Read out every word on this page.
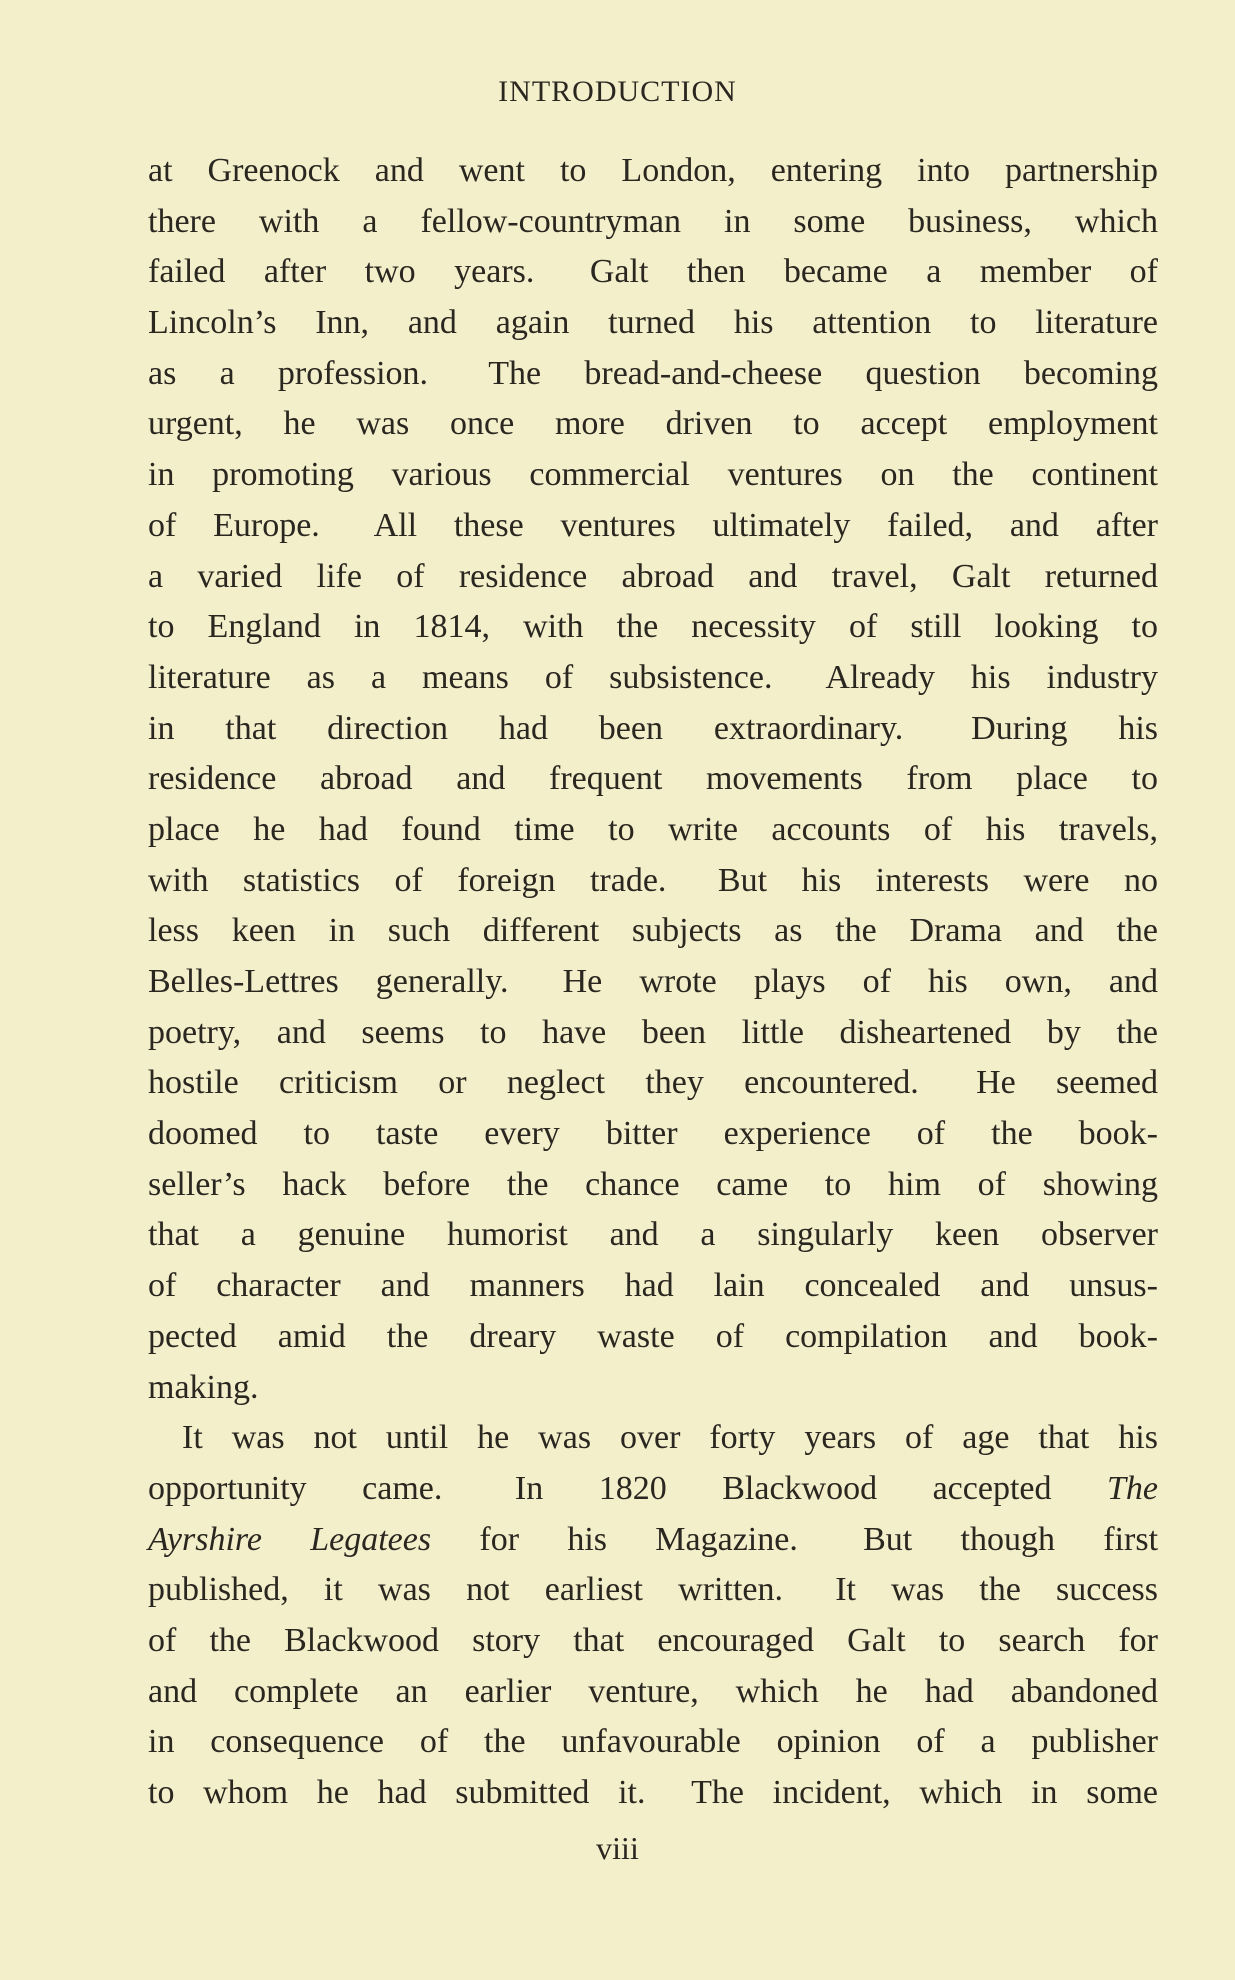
INTRODUCTION
at Greenock and went to London, entering into partnership
there with a fellow-countryman in some business, which
failed after two years.  Galt then became a member of
Lincoln’s Inn, and again turned his attention to literature
as a profession.  The bread-and-cheese question becoming
urgent, he was once more driven to accept employment
in promoting various commercial ventures on the continent
of Europe.  All these ventures ultimately failed, and after
a varied life of residence abroad and travel, Galt returned
to England in 1814, with the necessity of still looking to
literature as a means of subsistence.  Already his industry
in that direction had been extraordinary.  During his
residence abroad and frequent movements from place to
place he had found time to write accounts of his travels,
with statistics of foreign trade.  But his interests were no
less keen in such different subjects as the Drama and the
Belles-Lettres generally.  He wrote plays of his own, and
poetry, and seems to have been little disheartened by the
hostile criticism or neglect they encountered.  He seemed
doomed to taste every bitter experience of the book-
seller’s hack before the chance came to him of showing
that a genuine humorist and a singularly keen observer
of character and manners had lain concealed and unsus-
pected amid the dreary waste of compilation and book-
making.
It was not until he was over forty years of age that his
opportunity came.  In 1820 Blackwood accepted The
Ayrshire Legatees for his Magazine.  But though first
published, it was not earliest written.  It was the success
of the Blackwood story that encouraged Galt to search for
and complete an earlier venture, which he had abandoned
in consequence of the unfavourable opinion of a publisher
to whom he had submitted it.  The incident, which in some
viii
